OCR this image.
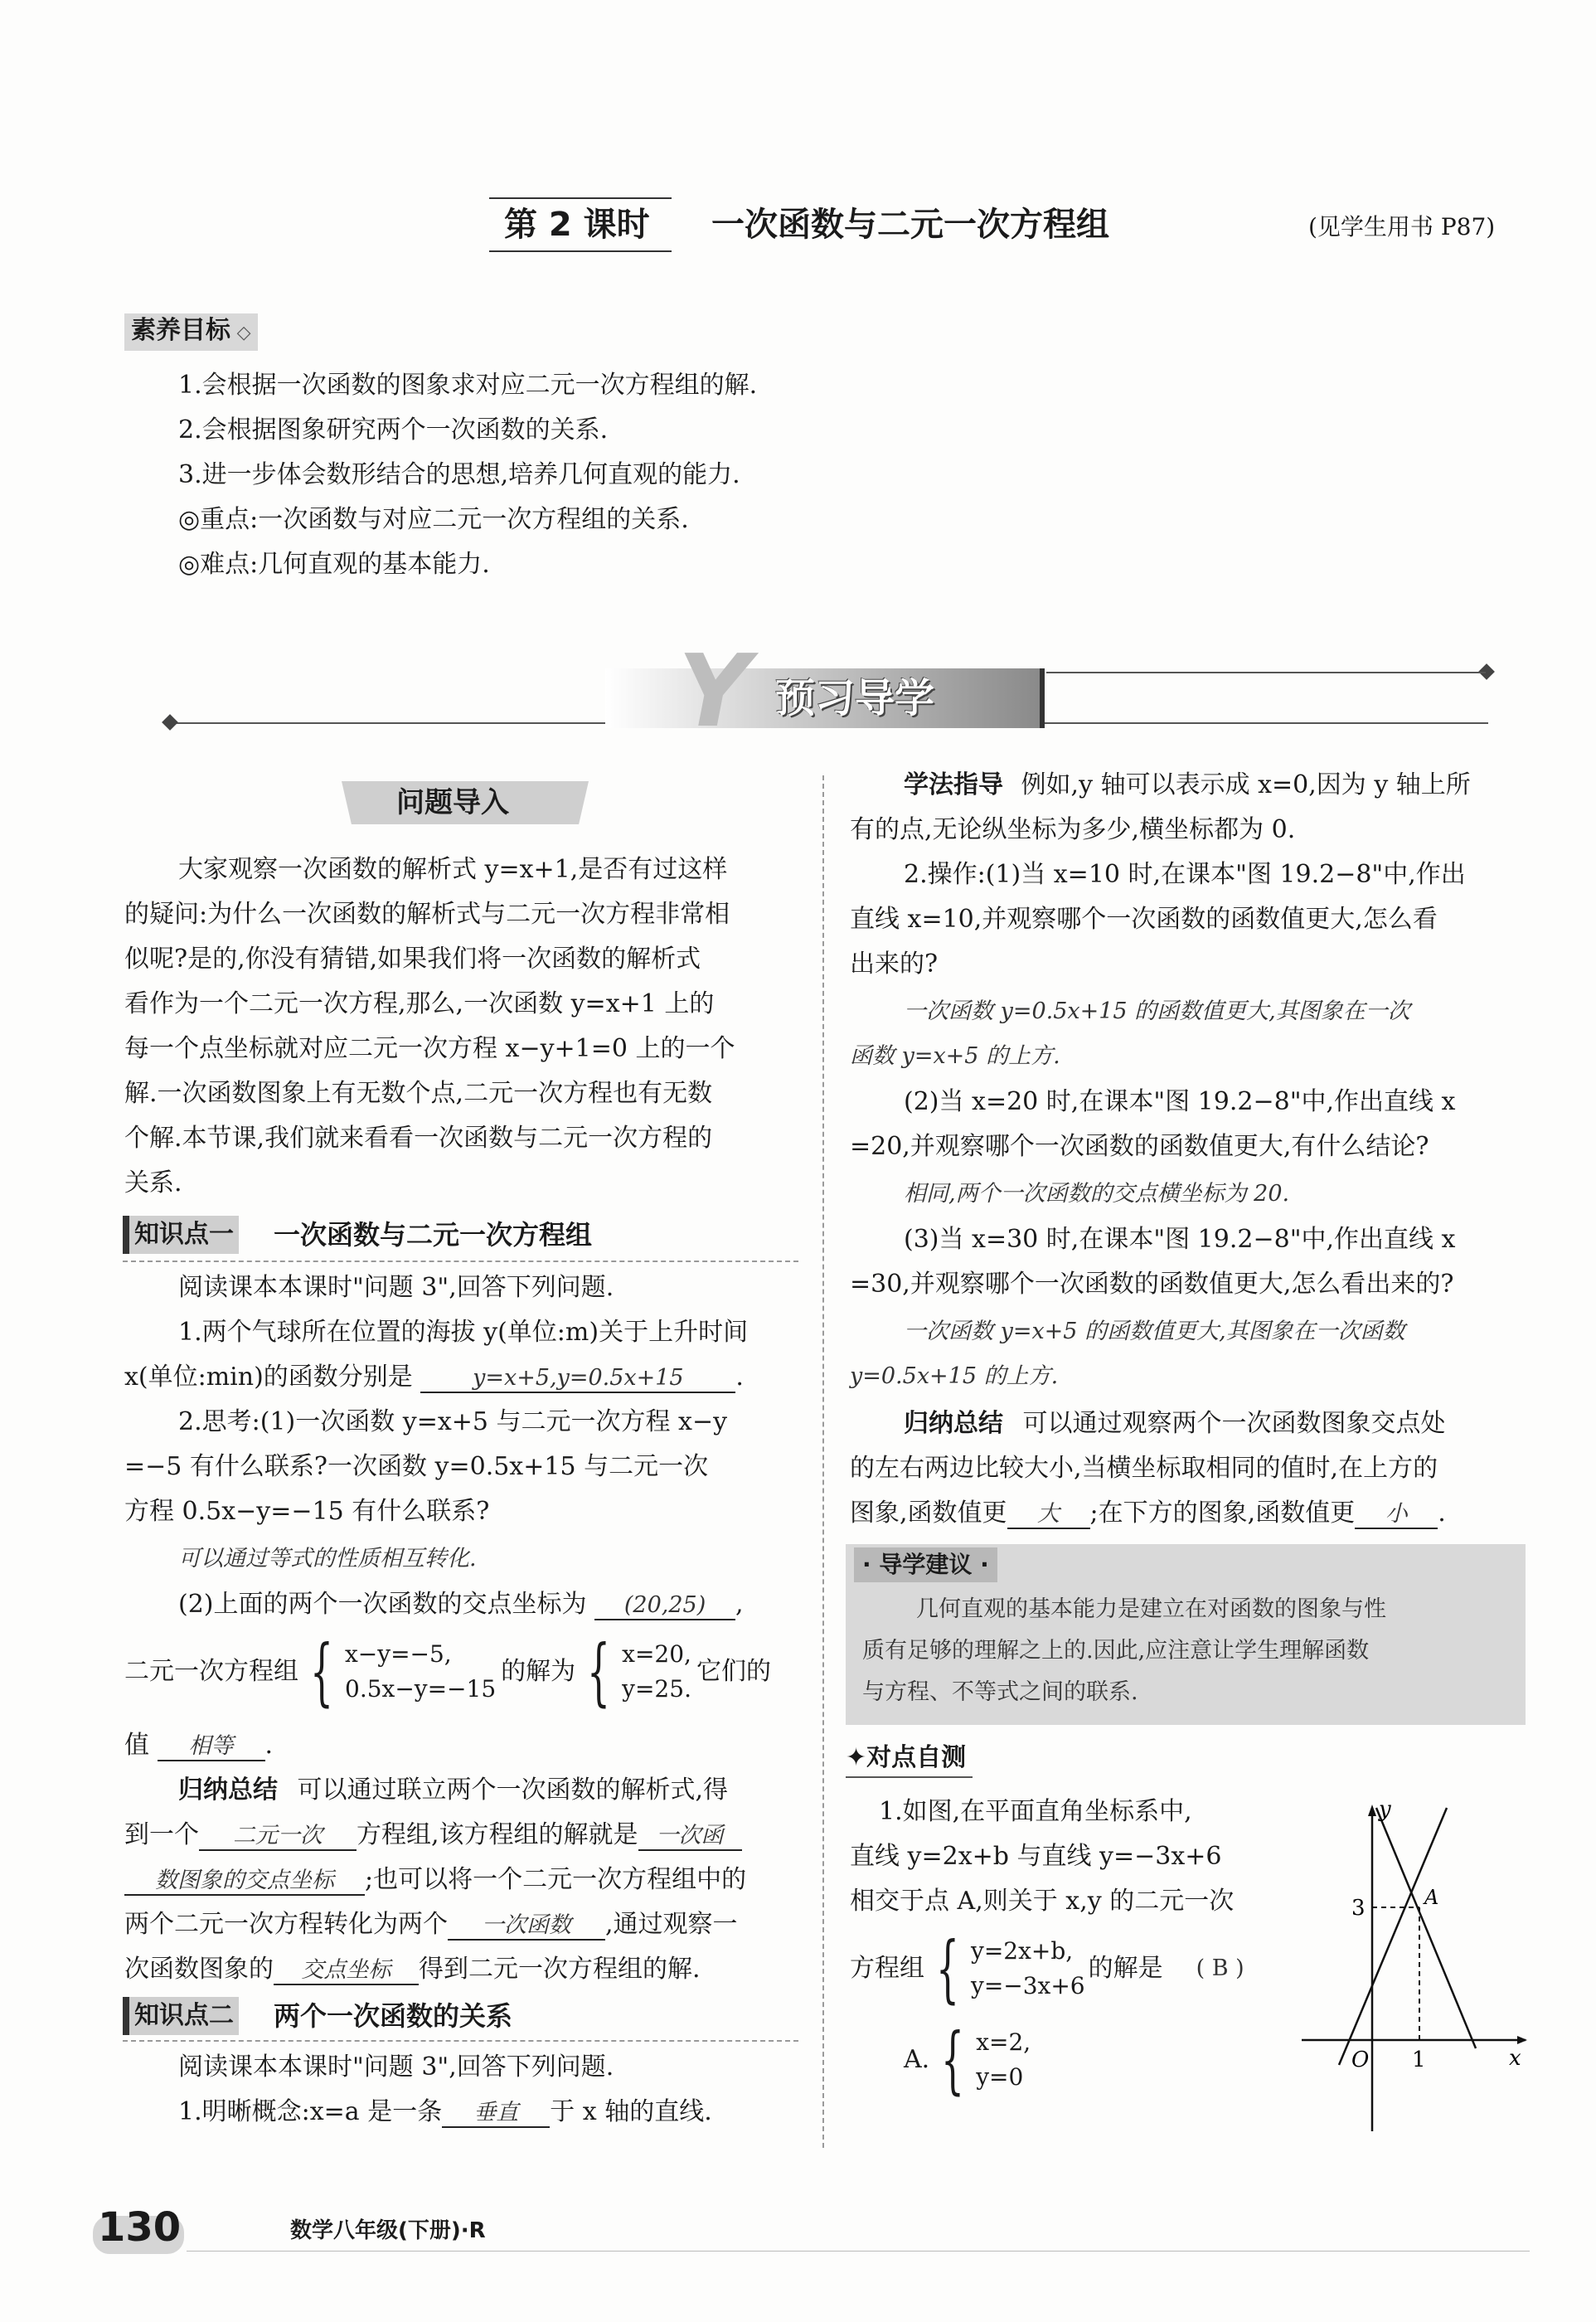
第 2 课时 一次函数与二元一次方程组	(见学生用书 P87)
素养目标 ◇
1.会根据一次函数的图象求对应二元一次方程组的解.
2.会根据图象研究两个一次函数的关系.
3.进一步体会数形结合的思想,培养几何直观的能力.
◎重点:一次函数与对应二元一次方程组的关系.
◎难点:几何直观的基本能力.
Y 预习导学
问题导入
大家观察一次函数的解析式 y=x+1,是否有过这样
的疑问:为什么一次函数的解析式与二元一次方程非常相
似呢?是的,你没有猜错,如果我们将一次函数的解析式
看作为一个二元一次方程,那么,一次函数 y=x+1 上的
每一个点坐标就对应二元一次方程 x−y+1=0 上的一个
解.一次函数图象上有无数个点,二元一次方程也有无数
个解.本节课,我们就来看看一次函数与二元一次方程的
关系.
知识点一 一次函数与二元一次方程组
阅读课本本课时"问题 3",回答下列问题.
1.两个气球所在位置的海拔 y(单位:m)关于上升时间
x(单位:min)的函数分别是	y=x+5,y=0.5x+15 .
2.思考:(1)一次函数 y=x+5 与二元一次方程 x−y
=−5 有什么联系?一次函数 y=0.5x+15 与二元一次
方程 0.5x−y=−15 有什么联系?
可以通过等式的性质相互转化.
(2)上面的两个一次函数的交点坐标为 (20,25) ,
二元一次方程组 { x−y=−5,
0.5x−y=−15
的解为 { x=20,
y=25.
它们的
值 相等 .
归纳总结 可以通过联立两个一次函数的解析式,得
到一个 二元一次 方程组,该方程组的解就是 一次函
数图象的交点坐标 ;也可以将一个二元一次方程组中的
两个二元一次方程转化为两个 一次函数 ,通过观察一
次函数图象的 交点坐标 得到二元一次方程组的解.
知识点二 两个一次函数的关系
阅读课本本课时"问题 3",回答下列问题.
1.明晰概念:x=a 是一条 垂直 于 x 轴的直线.
学法指导 例如,y 轴可以表示成 x=0,因为 y 轴上所
有的点,无论纵坐标为多少,横坐标都为 0.
2.操作:(1)当 x=10 时,在课本"图 19.2−8"中,作出
直线 x=10,并观察哪个一次函数的函数值更大,怎么看
出来的?
一次函数 y=0.5x+15 的函数值更大,其图象在一次
函数 y=x+5 的上方.
(2)当 x=20 时,在课本"图 19.2−8"中,作出直线 x
=20,并观察哪个一次函数的函数值更大,有什么结论?
相同,两个一次函数的交点横坐标为 20.
(3)当 x=30 时,在课本"图 19.2−8"中,作出直线 x
=30,并观察哪个一次函数的函数值更大,怎么看出来的?
一次函数 y=x+5 的函数值更大,其图象在一次函数
y=0.5x+15 的上方.
归纳总结 可以通过观察两个一次函数图象交点处
的左右两边比较大小,当横坐标取相同的值时,在上方的
图象,函数值更 大 ;在下方的图象,函数值更 小 .
· 导学建议 ·
几何直观的基本能力是建立在对函数的图象与性
质有足够的理解之上的.因此,应注意让学生理解函数
与方程、不等式之间的联系.
✦对点自测
1.如图,在平面直角坐标系中,
直线 y=2x+b 与直线 y=−3x+6
相交于点 A,则关于 x,y 的二元一次
方程组 { y=2x+b,
y=−3x+6
的解是 ( B )
A. { x=2,
y=0
y
x
O 1
3	A
130	数学八年级(下册)·R
